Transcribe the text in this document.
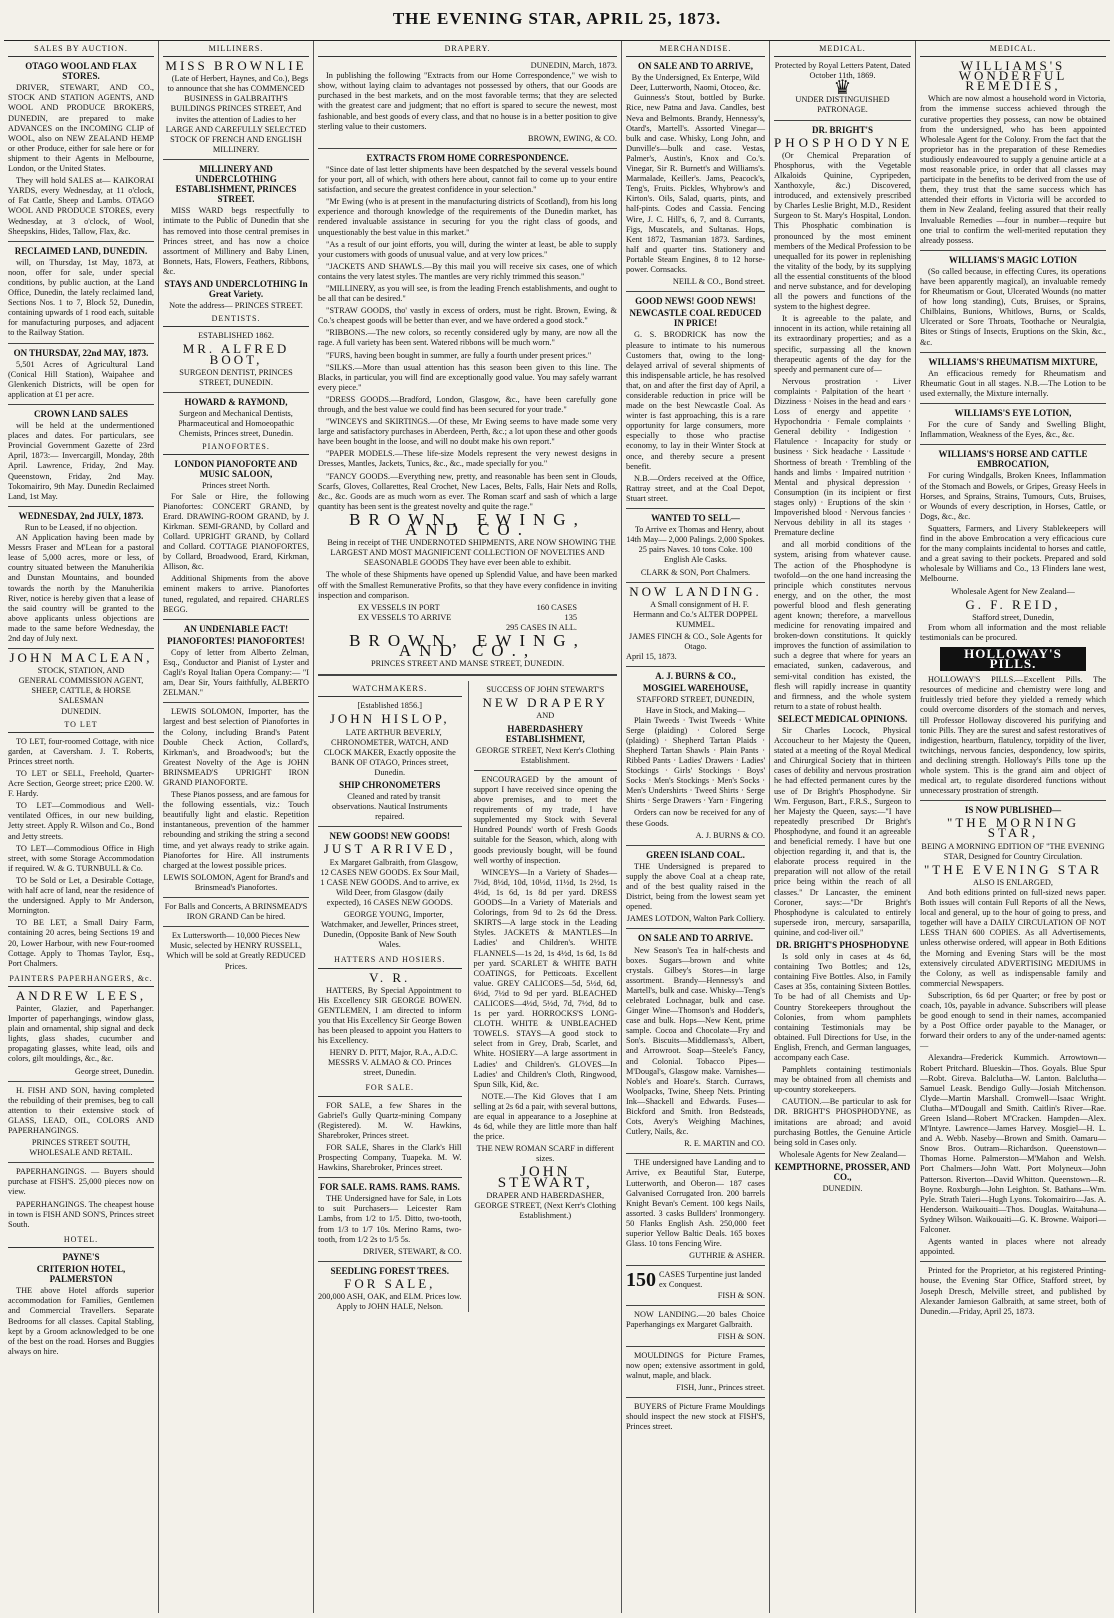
THE EVENING STAR, APRIL 25, 1873.
SALES BY AUCTION.
OTAGO WOOL AND FLAX STORES.

DRIVER, STEWART, AND CO., STOCK AND STATION AGENTS, AND WOOL AND PRODUCE BROKERS, DUNEDIN, are prepared to make ADVANCES on the INCOMING CLIP of WOOL, also on NEW ZEALAND HEMP or other Produce, either for sale here or for shipment to their Agents in Melbourne, London, or the United States.

They will hold SALES at— KAIKORAI YARDS, every Wednesday, at 11 o'clock, of Fat Cattle, Sheep and Lambs. OTAGO WOOL AND PRODUCE STORES, every Wednesday, at 3 o'clock, of Wool, Sheepskins, Hides, Tallow, Flax, &c.

RECLAIMED LAND, DUNEDIN.

will, on Thursday, 1st May, 1873, at noon, offer for sale, under special conditions, by public auction, at the Land Office, Dunedin, the lately reclaimed land, Sections Nos. 1 to 7, Block 52, Dunedin, containing upwards of 1 rood each, suitable for manufacturing purposes, and adjacent to the Railway Station.

ON THURSDAY, 22nd MAY, 1873.

5,501 Acres of Agricultural Land (Conical Hill Station), Waipahee and Glenkenich Districts, will be open for application at £1 per acre.

CROWN LAND SALES

will be held at the undermentioned places and dates. For particulars, see Provincial Government Gazette of 23rd April, 1873:— Invercargill, Monday, 28th April. Lawrence, Friday, 2nd May. Queenstown, Friday, 2nd May. Tokomairiro, 9th May. Dunedin Reclaimed Land, 1st May.

WEDNESDAY, 2nd JULY, 1873.
Run to be Leased, if no objection.

AN Application having been made by Messrs Fraser and M'Lean for a pastoral lease of 5,000 acres, more or less, of country situated between the Manuherikia and Dunstan Mountains, and bounded towards the north by the Manuherikia River, notice is hereby given that a lease of the said country will be granted to the above applicants unless objections are made to the same before Wednesday, the 2nd day of July next.

JOHN MACLEAN,
STOCK, STATION, AND
GENERAL COMMISSION AGENT,
SHEEP, CATTLE, & HORSE SALESMAN
DUNEDIN.
TO LET

TO LET, four-roomed Cottage, with nice garden, at Caversham. J. T. Roberts, Princes street north.

TO LET or SELL, Freehold, Quarter-Acre Section, George street; price £200. W. F. Hardy.

TO LET—Commodious and Well-ventilated Offices, in our new building, Jetty street. Apply R. Wilson and Co., Bond and Jetty streets.

TO LET—Commodious Office in High street, with some Storage Accommodation if required. W. & G. TURNBULL & Co.

TO be Sold or Let, a Desirable Cottage, with half acre of land, near the residence of the undersigned. Apply to Mr Anderson, Mornington.

TO BE LET, a Small Dairy Farm, containing 20 acres, being Sections 19 and 20, Lower Harbour, with new Four-roomed Cottage. Apply to Thomas Taylor, Esq., Port Chalmers.

PAINTERS PAPERHANGERS, &c.
ANDREW LEES,

Painter, Glazier, and Paperhanger. Importer of paperhangings, window glass, plain and ornamental, ship signal and deck lights, glass shades, cucumber and propagating glasses, white lead, oils and colors, gilt mouldings, &c., &c.

George street, Dunedin.

H. FISH AND SON, having completed the rebuilding of their premises, beg to call attention to their extensive stock of GLASS, LEAD, OIL, COLORS AND PAPERHANGINGS.

PRINCES STREET SOUTH, WHOLESALE AND RETAIL.

PAPERHANGINGS. — Buyers should purchase at FISH'S. 25,000 pieces now on view.

PAPERHANGINGS. The cheapest house in town is FISH AND SON'S, Princes street South.

HOTEL.
PAYNE'S
CRITERION HOTEL, PALMERSTON

THE above Hotel affords superior accommodation for Families, Gentlemen and Commercial Travellers. Separate Bedrooms for all classes. Capital Stabling, kept by a Groom acknowledged to be one of the best on the road. Horses and Buggies always on hire.

MILLINERS.
MISS BROWNLIE

(Late of Herbert, Haynes, and Co.), Begs to announce that she has COMMENCED BUSINESS in GALBRAITH'S BUILDINGS PRINCES STREET, And invites the attention of Ladies to her LARGE AND CAREFULLY SELECTED STOCK OF FRENCH AND ENGLISH MILLINERY.

MILLINERY AND UNDERCLOTHING ESTABLISHMENT, PRINCES STREET.

MISS WARD begs respectfully to intimate to the Public of Dunedin that she has removed into those central premises in Princes street, and has now a choice assortment of Millinery and Baby Linen, Bonnets, Hats, Flowers, Feathers, Ribbons, &c.

STAYS AND UNDERCLOTHING In Great Variety.
Note the address— PRINCES STREET.
DENTISTS.
ESTABLISHED 1862.
MR. ALFRED BOOT,
SURGEON DENTIST, PRINCES STREET, DUNEDIN.
HOWARD & RAYMOND,
Surgeon and Mechanical Dentists, Pharmaceutical and Homoeopathic Chemists, Princes street, Dunedin.
PIANOFORTES.
LONDON PIANOFORTE AND MUSIC SALOON,
Princes street North.

For Sale or Hire, the following Pianofortes: CONCERT GRAND, by Erard. DRAWING-ROOM GRAND, by J. Kirkman. SEMI-GRAND, by Collard and Collard. UPRIGHT GRAND, by Collard and Collard. COTTAGE PIANOFORTES, by Collard, Broadwood, Erard, Kirkman, Allison, &c.

Additional Shipments from the above eminent makers to arrive. Pianofortes tuned, regulated, and repaired. CHARLES BEGG.

AN UNDENIABLE FACT!
PIANOFORTES! PIANOFORTES!

Copy of letter from Alberto Zelman, Esq., Conductor and Pianist of Lyster and Cagli's Royal Italian Opera Company:— "I am, Dear Sir, Yours faithfully, ALBERTO ZELMAN."

LEWIS SOLOMON, Importer, has the largest and best selection of Pianofortes in the Colony, including Brand's Patent Double Check Action, Collard's, Kirkman's, and Broadwood's; but the Greatest Novelty of the Age is JOHN BRINSMEAD'S UPRIGHT IRON GRAND PIANOFORTE.

These Pianos possess, and are famous for the following essentials, viz.: Touch beautifully light and elastic. Repetition instantaneous, prevention of the hammer rebounding and striking the string a second time, and yet always ready to strike again. Pianofortes for Hire. All instruments charged at the lowest possible prices.

LEWIS SOLOMON, Agent for Brand's and Brinsmead's Pianofortes.
For Balls and Concerts, A BRINSMEAD'S IRON GRAND Can be hired.
Ex Luttersworth— 10,000 Pieces New Music, selected by HENRY RUSSELL, Which will be sold at Greatly REDUCED Prices.
DRAPERY.
DUNEDIN, March, 1873.

In publishing the following "Extracts from our Home Correspondence," we wish to show, without laying claim to advantages not possessed by others, that our Goods are purchased in the best markets, and on the most favorable terms; that they are selected with the greatest care and judgment; that no effort is spared to secure the newest, most fashionable, and best goods of every class, and that no house is in a better position to give sterling value to their customers.

BROWN, EWING, & CO.
EXTRACTS FROM HOME CORRESPONDENCE.

"Since date of last letter shipments have been despatched by the several vessels bound for your port, all of which, with others here about, cannot fail to come up to your entire satisfaction, and secure the greatest confidence in your selection."

"Mr Ewing (who is at present in the manufacturing districts of Scotland), from his long experience and thorough knowledge of the requirements of the Dunedin market, has rendered invaluable assistance in securing for you the right class of goods, and unquestionably the best value in this market."

"As a result of our joint efforts, you will, during the winter at least, be able to supply your customers with goods of unusual value, and at very low prices."

"JACKETS AND SHAWLS.—By this mail you will receive six cases, one of which contains the very latest styles. The mantles are very richly trimmed this season."

"MILLINERY, as you will see, is from the leading French establishments, and ought to be all that can be desired."

"STRAW GOODS, tho' vastly in excess of orders, must be right. Brown, Ewing, & Co.'s cheapest goods will be better than ever, and we have ordered a good stock."

"RIBBONS.—The new colors, so recently considered ugly by many, are now all the rage. A full variety has been sent. Watered ribbons will be much worn."

"FURS, having been bought in summer, are fully a fourth under present prices."

"SILKS.—More than usual attention has this season been given to this line. The Blacks, in particular, you will find are exceptionally good value. You may safely warrant every piece."

"DRESS GOODS.—Bradford, London, Glasgow, &c., have been carefully gone through, and the best value we could find has been secured for your trade."

"WINCEYS and SKIRTINGS.—Of these, Mr Ewing seems to have made some very large and satisfactory purchases in Aberdeen, Perth, &c.; a lot upon these and other goods have been bought in the loose, and will no doubt make his own report."

"PAPER MODELS.—These life-size Models represent the very newest designs in Dresses, Mantles, Jackets, Tunics, &c., &c., made specially for you."

"FANCY GOODS.—Everything new, pretty, and reasonable has been sent in Clouds, Scarfs, Gloves, Collarettes, Real Crochet, New Laces, Belts, Falls, Hair Nets and Rolls, &c., &c. Goods are as much worn as ever. The Roman scarf and sash of which a large quantity has been sent is the greatest novelty and quite the rage."

BROWN, EWING, AND CO.

Being in receipt of THE UNDERNOTED SHIPMENTS, ARE NOW SHOWING THE LARGEST AND MOST MAGNIFICENT COLLECTION OF NOVELTIES AND SEASONABLE GOODS They have ever been able to exhibit.

The whole of these Shipments have opened up Splendid Value, and have been marked off with the Smallest Remunerative Profits, so that they have every confidence in inviting inspection and comparison.

EX VESSELS IN PORT	160 CASES
EX VESSELS TO ARRIVE	135
295 CASES IN ALL.
BROWN, EWING, AND CO.,
PRINCES STREET AND MANSE STREET, DUNEDIN.
WATCHMAKERS.
[Established 1856.]
JOHN HISLOP,

LATE ARTHUR BEVERLY, CHRONOMETER, WATCH, AND CLOCK MAKER, Exactly opposite the BANK OF OTAGO, Princes street, Dunedin.

SHIP CHRONOMETERS

Cleaned and rated by transit observations. Nautical Instruments repaired.

NEW GOODS! NEW GOODS!
JUST ARRIVED,

Ex Margaret Galbraith, from Glasgow, 12 CASES NEW GOODS. Ex Sour Mail, 1 CASE NEW GOODS. And to arrive, ex Wild Deer, from Glasgow (daily expected), 16 CASES NEW GOODS.

GEORGE YOUNG, Importer, Watchmaker, and Jeweller, Princes street, Dunedin, (Opposite Bank of New South Wales.

HATTERS AND HOSIERS.
V. R.

HATTERS, By Special Appointment to His Excellency SIR GEORGE BOWEN. GENTLEMEN, I am directed to inform you that His Excellency Sir George Bowen has been pleased to appoint you Hatters to his Excellency.

HENRY D. PITT, Major, R.A., A.D.C. MESSRS V. ALMAO & CO. Princes street, Dunedin.

FOR SALE.

FOR SALE, a few Shares in the Gabriel's Gully Quartz-mining Company (Registered). M. W. Hawkins, Sharebroker, Princes street.

FOR SALE, Shares in the Clark's Hill Prospecting Company, Tuapeka. M. W. Hawkins, Sharebroker, Princes street.

FOR SALE. RAMS. RAMS. RAMS.

THE Undersigned have for Sale, in Lots to suit Purchasers— Leicester Ram Lambs, from 1/2 to 1/5. Ditto, two-tooth, from 1/3 to 1/7 10s. Merino Rams, two-tooth, from 1/2 2s to 1/5 5s.

DRIVER, STEWART, & CO.
SEEDLING FOREST TREES.
FOR SALE,
200,000 ASH, OAK, and ELM. Prices low.
Apply to JOHN HALE, Nelson.
SUCCESS OF JOHN STEWART'S
NEW DRAPERY
AND
HABERDASHERY ESTABLISHMENT,
GEORGE STREET, Next Kerr's Clothing Establishment.

ENCOURAGED by the amount of support I have received since opening the above premises, and to meet the requirements of my trade, I have supplemented my Stock with Several Hundred Pounds' worth of Fresh Goods suitable for the Season, which, along with goods previously bought, will be found well worthy of inspection.

WINCEYS—In a Variety of Shades—7½d, 8½d, 10d, 10½d, 11½d, 1s 2½d, 1s 4½d, 1s 6d, 1s 8d per yard. DRESS GOODS—In a Variety of Materials and Colorings, from 9d to 2s 6d the Dress. SKIRTS—A large stock in the Leading Styles. JACKETS & MANTLES—In Ladies' and Children's. WHITE FLANNELS—1s 2d, 1s 4½d, 1s 6d, 1s 8d per yard. SCARLET & WHITE BATH COATINGS, for Petticoats. Excellent value. GREY CALICOES—5d, 5½d, 6d, 6½d, 7½d to 9d per yard. BLEACHED CALICOES—4½d, 5½d, 7d, 7½d, 8d to 1s per yard. HORROCKS'S LONG-CLOTH. WHITE & UNBLEACHED TOWELS. STAYS—A good stock to select from in Grey, Drab, Scarlet, and White. HOSIERY—A large assortment in Ladies' and Children's. GLOVES—In Ladies' and Children's Cloth, Ringwood, Spun Silk, Kid, &c.

NOTE.—The Kid Gloves that I am selling at 2s 6d a pair, with several buttons, are equal in appearance to a Josephine at 4s 6d, while they are little more than half the price.

THE NEW ROMAN SCARF in different sizes.
JOHN STEWART,
DRAPER AND HABERDASHER,
GEORGE STREET, (Next Kerr's Clothing Establishment.)
MERCHANDISE.
ON SALE AND TO ARRIVE,
By the Undersigned, Ex Enterpe, Wild Deer, Lutterworth, Naomi, Otoceo, &c.

Guinness's Stout, bottled by Burke. Rice, new Patna and Java. Candles, best Neva and Belmonts. Brandy, Hennessy's, Otard's, Martell's. Assorted Vinegar—bulk and case. Whisky, Long John, and Dunville's—bulk and case. Vestas, Palmer's, Austin's, Knox and Co.'s. Vinegar, Sir R. Burnett's and Williams's. Marmalade, Keiller's. Jams, Peacock's, Teng's, Fruits. Pickles, Whybrow's and Kirton's. Oils, Salad, quarts, pints, and half-pints. Codes and Cassia. Fencing Wire, J. C. Hill's, 6, 7, and 8. Currants, Figs, Muscatels, and Sultanas. Hops, Kent 1872, Tasmanian 1873. Sardines, half and quarter tins. Stationery and Portable Steam Engines, 8 to 12 horse-power. Cornsacks.

NEILL & CO., Bond street.
GOOD NEWS! GOOD NEWS!
NEWCASTLE COAL REDUCED IN PRICE!

G. S. BRODRICK has now the pleasure to intimate to his numerous Customers that, owing to the long-delayed arrival of several shipments of this indispensable article, he has resolved that, on and after the first day of April, a considerable reduction in price will be made on the best Newcastle Coal. As winter is fast approaching, this is a rare opportunity for large consumers, more especially to those who practise economy, to lay in their Winter Stock at once, and thereby secure a present benefit.

N.B.—Orders received at the Office, Rattray street, and at the Coal Depot, Stuart street.

WANTED TO SELL—

To Arrive ex Thomas and Henry, about 14th May— 2,000 Palings. 2,000 Spokes. 25 pairs Naves. 10 tons Coke. 100 English Ale Casks.

CLARK & SON, Port Chalmers.
NOW LANDING.

A Small consignment of H. F. Hermann and Co.'s ALTER DOPPEL KUMMEL.

JAMES FINCH & CO., Sole Agents for Otago.
April 15, 1873.
A. J. BURNS & CO.,
MOSGIEL WAREHOUSE,
STAFFORD STREET, DUNEDIN,
Have in Stock, and Making—

Plain Tweeds · Twist Tweeds · White Serge (plaiding) · Colored Serge (plaiding) · Shepherd Tartan Plaids · Shepherd Tartan Shawls · Plain Pants · Ribbed Pants · Ladies' Drawers · Ladies' Stockings · Girls' Stockings · Boys' Socks · Men's Stockings · Men's Socks · Men's Undershirts · Tweed Shirts · Serge Shirts · Serge Drawers · Yarn · Fingering

Orders can now be received for any of these Goods.

A. J. BURNS & CO.
GREEN ISLAND COAL.

THE Undersigned is prepared to supply the above Coal at a cheap rate, and of the best quality raised in the District, being from the lowest seam yet opened.

JAMES LOTDON, Walton Park Colliery.
ON SALE AND TO ARRIVE.

New Season's Tea in half-chests and boxes. Sugars—brown and white crystals. Gilbey's Stores—in large assortment. Brandy—Hennessy's and Martell's, bulk and case. Whisky—Teng's celebrated Lochnagar, bulk and case. Ginger Wine—Thomson's and Hodder's, case and bulk. Hops—New Kent, prime sample. Cocoa and Chocolate—Fry and Son's. Biscuits—Middlemass's, Albert, and Arrowroot. Soap—Steele's Fancy, and Colonial. Tobacco Pipes—M'Dougal's, Glasgow make. Varnishes—Noble's and Hoare's. Starch. Curraws, Woolpacks, Twine, Sheep Nets. Printing Ink—Shackell and Edwards. Fuses—Bickford and Smith. Iron Bedsteads, Cots, Avery's Weighing Machines, Cutlery, Nails, &c.

R. E. MARTIN and CO.

THE undersigned have Landing and to Arrive, ex Beautiful Star, Euterpe, Lutterworth, and Oberon— 187 cases Galvanised Corrugated Iron. 200 barrels Knight Bevan's Cement. 100 kegs Nails, assorted. 3 casks Bullders' Ironmongery. 50 Flanks English Ash. 250,000 feet superior Yellow Baltic Deals. 165 boxes Glass. 10 tons Fencing Wire.

GUTHRIE & ASHER.
150 CASES Turpentine just landed ex Conquest.
FISH & SON.

NOW LANDING.—20 bales Choice Paperhangings ex Margaret Galbraith.

FISH & SON.

MOULDINGS for Picture Frames, now open; extensive assortment in gold, walnut, maple, and black.

FISH, Junr., Princes street.

BUYERS of Picture Frame Mouldings should inspect the new stock at FISH'S, Princes street.

MEDICAL.
Protected by Royal Letters Patent, Dated October 11th, 1869.
♛
UNDER DISTINGUISHED PATRONAGE.
DR. BRIGHT'S
PHOSPHODYNE

(Or Chemical Preparation of Phosphorus, with the Vegetable Alkaloids Quinine, Cypripeden, Xanthoxyle, &c.) Discovered, introduced, and extensively prescribed by Charles Leslie Bright, M.D., Resident Surgeon to St. Mary's Hospital, London. This Phosphatic combination is pronounced by the most eminent members of the Medical Profession to be unequalled for its power in replenishing the vitality of the body, by its supplying all the essential constituents of the blood and nerve substance, and for developing all the powers and functions of the system to the highest degree.

It is agreeable to the palate, and innocent in its action, while retaining all its extraordinary properties; and as a specific, surpassing all the known therapeutic agents of the day for the speedy and permanent cure of—

Nervous prostration · Liver complaints · Palpitation of the heart · Dizziness · Noises in the head and ears · Loss of energy and appetite · Hypochondria · Female complaints · General debility · Indigestion · Flatulence · Incapacity for study or business · Sick headache · Lassitude · Shortness of breath · Trembling of the hands and limbs · Impaired nutrition · Mental and physical depression · Consumption (in its incipient or first stages only) · Eruptions of the skin · Impoverished blood · Nervous fancies · Nervous debility in all its stages · Premature decline

and all morbid conditions of the system, arising from whatever cause. The action of the Phosphodyne is twofold—on the one hand increasing the principle which constitutes nervous energy, and on the other, the most powerful blood and flesh generating agent known; therefore, a marvellous medicine for renovating impaired and broken-down constitutions. It quickly improves the function of assimilation to such a degree that where for years an emaciated, sunken, cadaverous, and semi-vital condition has existed, the flesh will rapidly increase in quantity and firmness, and the whole system return to a state of robust health.

SELECT MEDICAL OPINIONS.

Sir Charles Locock, Physical Accoucheur to her Majesty the Queen, stated at a meeting of the Royal Medical and Chirurgical Society that in thirteen cases of debility and nervous prostration he had effected permanent cures by the use of Dr Bright's Phosphodyne. Sir Wm. Ferguson, Bart., F.R.S., Surgeon to her Majesty the Queen, says:—"I have repeatedly prescribed Dr Bright's Phosphodyne, and found it an agreeable and beneficial remedy. I have but one objection regarding it, and that is, the elaborate process required in the preparation will not allow of the retail price being within the reach of all classes." Dr Lancaster, the eminent Coroner, says:—"Dr Bright's Phosphodyne is calculated to entirely supersede iron, mercury, sarsaparilla, quinine, and cod-liver oil."

DR. BRIGHT'S PHOSPHODYNE

Is sold only in cases at 4s 6d, containing Two Bottles; and 12s, containing Five Bottles. Also, in Family Cases at 35s, containing Sixteen Bottles. To be had of all Chemists and Up-Country Storekeepers throughout the Colonies, from whom pamphlets containing Testimonials may be obtained. Full Directions for Use, in the English, French, and German languages, accompany each Case.

Pamphlets containing testimonials may be obtained from all chemists and up-country storekeepers.

CAUTION.—Be particular to ask for DR. BRIGHT'S PHOSPHODYNE, as imitations are abroad; and avoid purchasing Bottles, the Genuine Article being sold in Cases only.

Wholesale Agents for New Zealand—
KEMPTHORNE, PROSSER, AND CO.,
DUNEDIN.
MEDICAL.
WILLIAMS'S WONDERFUL REMEDIES,

Which are now almost a household word in Victoria, from the immense success achieved through the curative properties they possess, can now be obtained from the undersigned, who has been appointed Wholesale Agent for the Colony. From the fact that the proprietor has in the preparation of these Remedies studiously endeavoured to supply a genuine article at a most reasonable price, in order that all classes may participate in the benefits to be derived from the use of them, they trust that the same success which has attended their efforts in Victoria will be accorded to them in New Zealand, feeling assured that their really Invaluable Remedies —four in number—require but one trial to confirm the well-merited reputation they already possess.

WILLIAMS'S MAGIC LOTION

(So called because, in effecting Cures, its operations have been apparently magical), an invaluable remedy for Rheumatism or Gout, Ulcerated Wounds (no matter of how long standing), Cuts, Bruises, or Sprains, Chilblains, Bunions, Whitlows, Burns, or Scalds, Ulcerated or Sore Throats, Toothache or Neuralgia, Bites or Stings of Insects, Eruptions on the Skin, &c., &c.

WILLIAMS'S RHEUMATISM MIXTURE,

An efficacious remedy for Rheumatism and Rheumatic Gout in all stages. N.B.—The Lotion to be used externally, the Mixture internally.

WILLIAMS'S EYE LOTION,

For the cure of Sandy and Swelling Blight, Inflammation, Weakness of the Eyes, &c., &c.

WILLIAMS'S HORSE AND CATTLE EMBROCATION,

For curing Windgalls, Broken Knees, Inflammation of the Stomach and Bowels, or Gripes, Greasy Heels in Horses, and Sprains, Strains, Tumours, Cuts, Bruises, or Wounds of every description, in Horses, Cattle, or Dogs, &c., &c.

Squatters, Farmers, and Livery Stablekeepers will find in the above Embrocation a very efficacious cure for the many complaints incidental to horses and cattle, and a great saving to their pockets. Prepared and sold wholesale by Williams and Co., 13 Flinders lane west, Melbourne.

Wholesale Agent for New Zealand—
G. F. REID,
Stafford street, Dunedin,

From whom all information and the most reliable testimonials can be procured.

HOLLOWAY'S PILLS.

HOLLOWAY'S PILLS.—Excellent Pills. The resources of medicine and chemistry were long and fruitlessly tried before they yielded a remedy which could overcome disorders of the stomach and nerves, till Professor Holloway discovered his purifying and tonic Pills. They are the surest and safest restoratives of indigestion, heartburn, flatulency, torpidity of the liver, twitchings, nervous fancies, despondency, low spirits, and declining strength. Holloway's Pills tone up the whole system. This is the grand aim and object of medical art, to regulate disordered functions without unnecessary prostration of strength.

IS NOW PUBLISHED—
"THE MORNING STAR,
BEING A MORNING EDITION OF "THE EVENING STAR, Designed for Country Circulation.
"THE EVENING STAR
ALSO IS ENLARGED,

And both editions printed on full-sized news paper. Both issues will contain Full Reports of all the News, local and general, up to the hour of going to press, and together will have a DAILY CIRCULATION OF NOT LESS THAN 600 COPIES. As all Advertisements, unless otherwise ordered, will appear in Both Editions the Morning and Evening Stars will be the most extensively circulated ADVERTISING MEDIUMS in the Colony, as well as indispensable family and commercial Newspapers.

Subscription, 6s 6d per Quarter; or free by post or coach, 10s, payable in advance. Subscribers will please be good enough to send in their names, accompanied by a Post Office order payable to the Manager, or forward their orders to any of the under-named agents:—

Alexandra—Frederick Kummich. Arrowtown—Robert Pritchard. Blueskin—Thos. Goyals. Blue Spur—Robt. Gireva. Balclutha—W. Lanton. Balclutha—Samuel Leask. Bendigo Gully—Josiah Mitchenson. Clyde—Martin Marshall. Cromwell—Isaac Wright. Clutha—M'Dougall and Smith. Caitlin's River—Rae. Green Island—Robert M'Cracken. Hampden—Alex. M'Intyre. Lawrence—James Harvey. Mosgiel—H. L. and A. Webb. Naseby—Brown and Smith. Oamaru—Snow Bros. Outram—Richardson. Queenstown—Thomas Horne. Palmerston—M'Mahon and Welsh. Port Chalmers—John Watt. Port Molyneux—John Patterson. Riverton—David Whitton. Queenstown—R. Boyne. Roxburgh—John Leighton. St. Bathans—Wm. Pyle. Strath Taieri—Hugh Lyons. Tokomairiro—Jas. A. Henderson. Waikouaiti—Thos. Douglas. Waitahuna—Sydney Wilson. Waikouaiti—G. K. Browne. Waipori—Falconer.

Agents wanted in places where not already appointed.

Printed for the Proprietor, at his registered Printing-house, the Evening Star Office, Stafford street, by Joseph Dresch, Melville street, and published by Alexander Jamieson Galbraith, at same street, both of Dunedin.—Friday, April 25, 1873.
